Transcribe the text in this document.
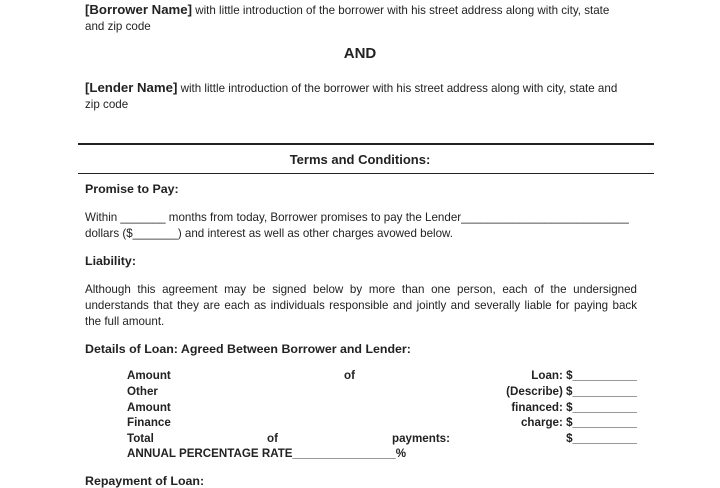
[Borrower Name] with little introduction of the borrower with his street address along with city, state
and zip code
AND
[Lender Name] with little introduction of the borrower with his street address along with city, state and
zip code
Terms and Conditions:
Promise to Pay:
Within _______ months from today, Borrower promises to pay the Lender__________________________
dollars ($_______) and interest as well as other charges avowed below.
Liability:
Although this agreement may be signed below by more than one person, each of the undersigned
understands that they are each as individuals responsible and jointly and severally liable for paying back
the full amount.
Details of Loan: Agreed Between Borrower and Lender:
Amount	of	Loan: $__________
Other	(Describe) $__________
Amount	financed: $__________
Finance	charge: $__________
Total	of	payments:	$__________
ANNUAL PERCENTAGE RATE________________%
Repayment of Loan:
